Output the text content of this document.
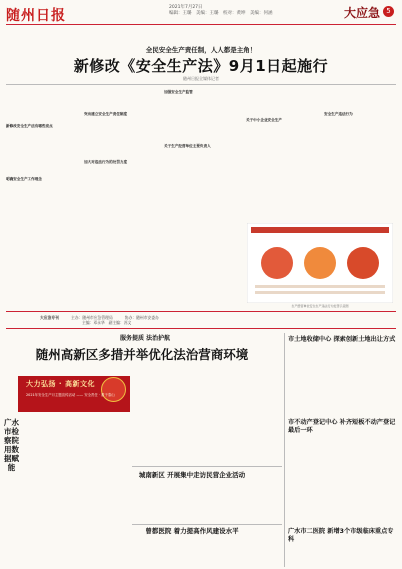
随州日报
2021年7月27日
编辑：王璐　美编：王璐　校对：黄坤　美编：何涵	大应急 5
全民安全生产责任制，人人都是主角！
新修改《安全生产法》9月1日起施行
随州日报全媒体记者

新修改安全生产法有哪些亮点

明确安全生产工作理念

突出建立安全生产责任制度

加大对违法行为的处罚力度
加强安全生产监管

关于生产经营单位主要负责人

关于中小企业安全生产

安全生产违法行为
生产经营单位安全生产违法行为处罚示意图
大应急专刊	主办：随州市应急管理局	协办：随州市安委办
主编：邓永华　副主编：苏文
服务提质 法治护航
随州高新区多措并举优化法治营商环境

大力弘扬 · 高新文化
2021年安全生产月主题宣传活动 —— 安全责任 · 重于泰山
广水市检察院用数据赋能

城南新区 开展集中走访民营企业活动

曾都医院 着力提高作风建设水平

市土地收储中心 探索创新土地出让方式

市不动产登记中心 补齐短板不动产登记最后一环

广水市二医院 新增3个市级临床重点专科
